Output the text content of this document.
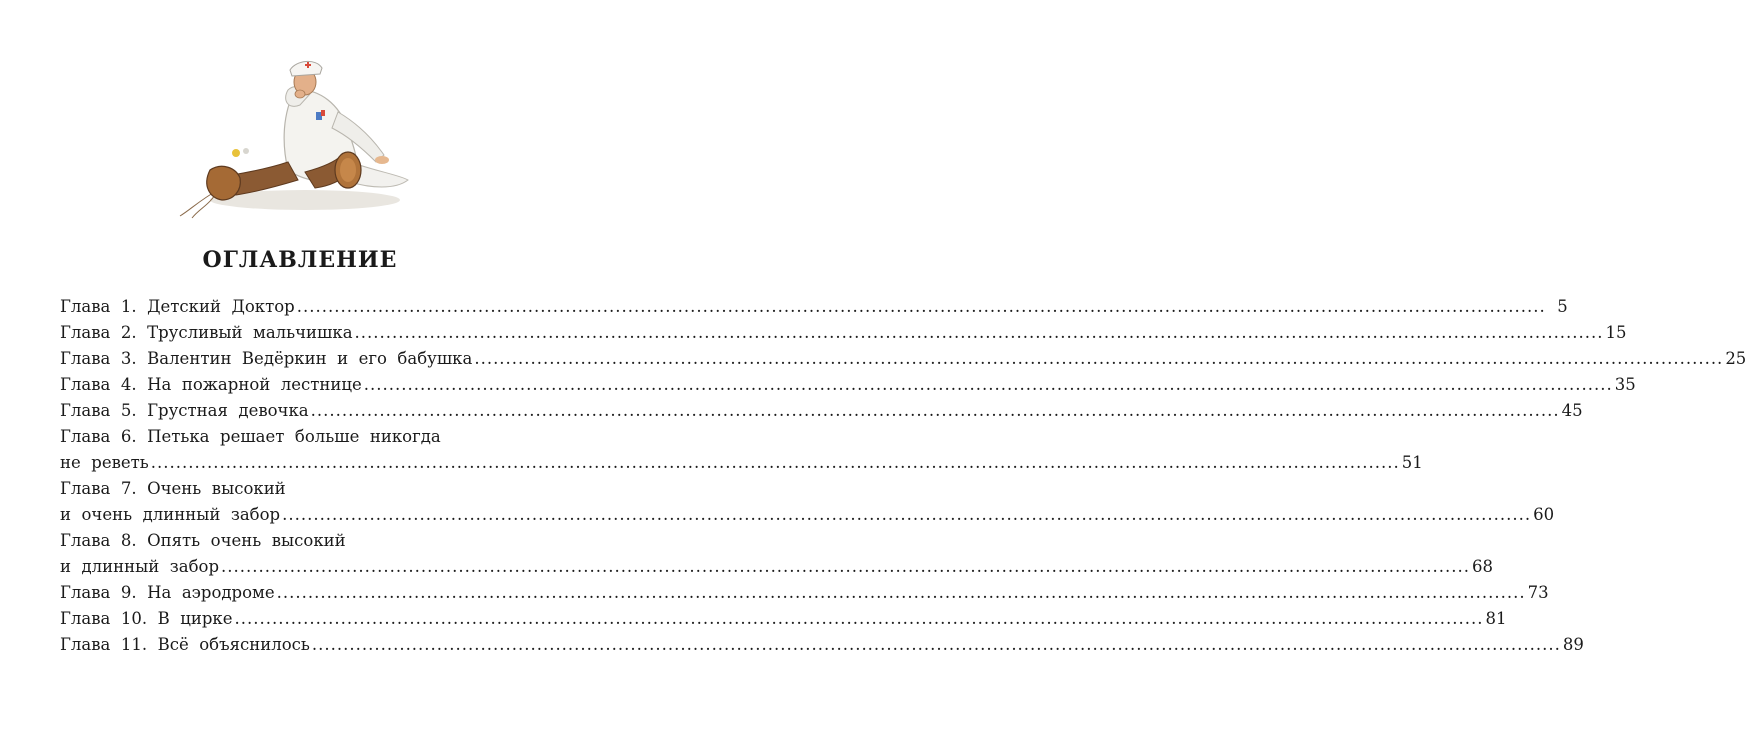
ОГЛАВЛЕНИЕ
Глава  1. Детский  Доктор ........................................................................................................................................................................................................ 5
Глава  2. Трусливый  мальчишка ........................................................................................................................................................................................................ 15
Глава  3. Валентин  Ведёркин  и  его  бабушка ........................................................................................................................................................................................................ 25
Глава  4. На  пожарной  лестнице ........................................................................................................................................................................................................ 35
Глава  5. Грустная  девочка ........................................................................................................................................................................................................ 45
Глава  6. Петька  решает  больше  никогда
не  реветь ........................................................................................................................................................................................................ 51
Глава  7. Очень  высокий
и  очень  длинный  забор ........................................................................................................................................................................................................ 60
Глава  8. Опять  очень  высокий
и  длинный  забор ........................................................................................................................................................................................................ 68
Глава  9. На  аэродроме ........................................................................................................................................................................................................ 73
Глава  10. В  цирке ........................................................................................................................................................................................................ 81
Глава  11. Всё  объяснилось ........................................................................................................................................................................................................ 89
